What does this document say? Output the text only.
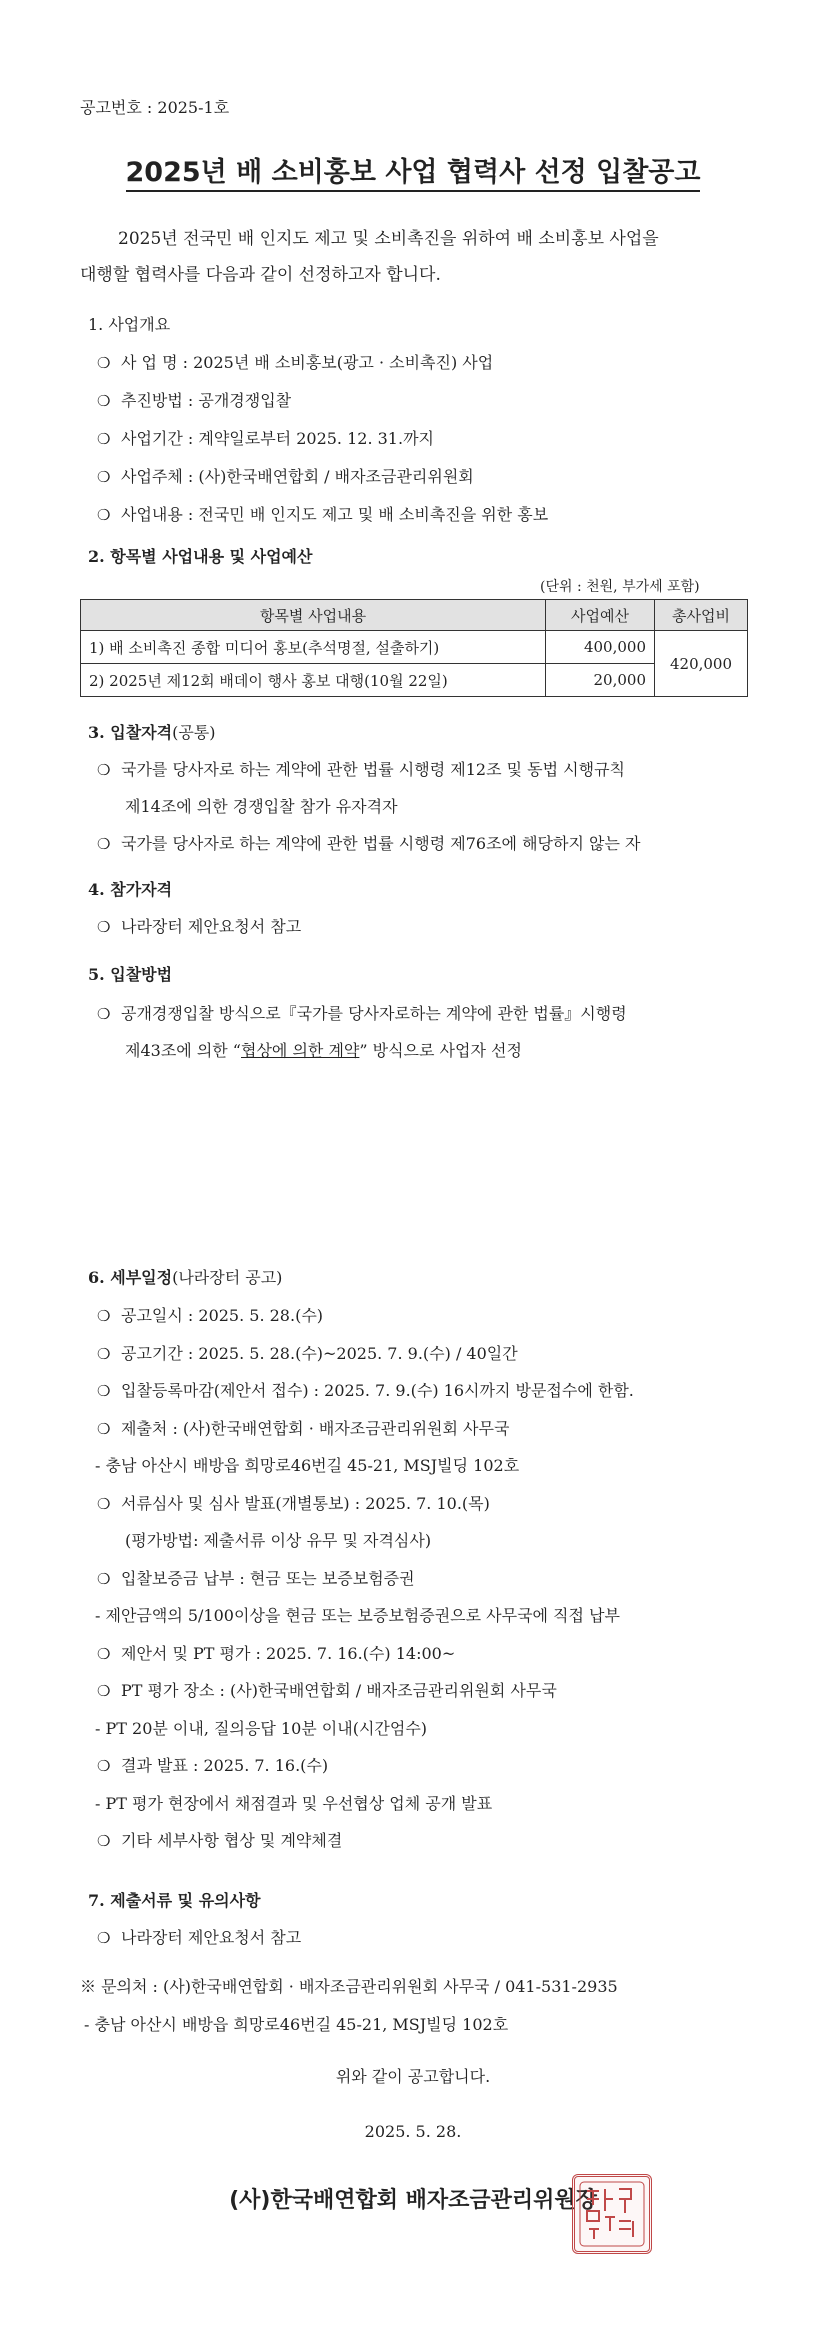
공고번호 : 2025-1호
2025년 배 소비홍보 사업 협력사 선정 입찰공고
2025년 전국민 배 인지도 제고 및 소비촉진을 위하여 배 소비홍보 사업을
대행할 협력사를 다음과 같이 선정하고자 합니다.
1. 사업개요
❍ 사 업 명 : 2025년 배 소비홍보(광고 · 소비촉진) 사업
❍ 추진방법 : 공개경쟁입찰
❍ 사업기간 : 계약일로부터 2025. 12. 31.까지
❍ 사업주체 : (사)한국배연합회 / 배자조금관리위원회
❍ 사업내용 : 전국민 배 인지도 제고 및 배 소비촉진을 위한 홍보
2. 항목별 사업내용 및 사업예산
(단위 : 천원, 부가세 포함)
항목별 사업내용	사업예산	총사업비
1) 배 소비촉진 종합 미디어 홍보(추석명절, 설출하기)	400,000	420,000
2) 2025년 제12회 배데이 행사 홍보 대행(10월 22일)	20,000	
3. 입찰자격(공통)
❍ 국가를 당사자로 하는 계약에 관한 법률 시행령 제12조 및 동법 시행규칙
제14조에 의한 경쟁입찰 참가 유자격자
❍ 국가를 당사자로 하는 계약에 관한 법률 시행령 제76조에 해당하지 않는 자
4. 참가자격
❍ 나라장터 제안요청서 참고
5. 입찰방법
❍ 공개경쟁입찰 방식으로『국가를 당사자로하는 계약에 관한 법률』시행령
제43조에 의한 “협상에 의한 계약” 방식으로 사업자 선정
6. 세부일정(나라장터 공고)
❍ 공고일시 : 2025. 5. 28.(수)
❍ 공고기간 : 2025. 5. 28.(수)~2025. 7. 9.(수) / 40일간
❍ 입찰등록마감(제안서 접수) : 2025. 7. 9.(수) 16시까지 방문접수에 한함.
❍ 제출처 : (사)한국배연합회 · 배자조금관리위원회 사무국
- 충남 아산시 배방읍 희망로46번길 45-21, MSJ빌딩 102호
❍ 서류심사 및 심사 발표(개별통보) : 2025. 7. 10.(목)
(평가방법: 제출서류 이상 유무 및 자격심사)
❍ 입찰보증금 납부 : 현금 또는 보증보험증권
- 제안금액의 5/100이상을 현금 또는 보증보험증권으로 사무국에 직접 납부
❍ 제안서 및 PT 평가 : 2025. 7. 16.(수) 14:00~
❍ PT 평가 장소 : (사)한국배연합회 / 배자조금관리위원회 사무국
- PT 20분 이내, 질의응답 10분 이내(시간엄수)
❍ 결과 발표 : 2025. 7. 16.(수)
- PT 평가 현장에서 채점결과 및 우선협상 업체 공개 발표
❍ 기타 세부사항 협상 및 계약체결
7. 제출서류 및 유의사항
❍ 나라장터 제안요청서 참고
※ 문의처 : (사)한국배연합회 · 배자조금관리위원회 사무국 / 041-531-2935
- 충남 아산시 배방읍 희망로46번길 45-21, MSJ빌딩 102호
위와 같이 공고합니다.
2025. 5. 28.
(사)한국배연합회 배자조금관리위원장
